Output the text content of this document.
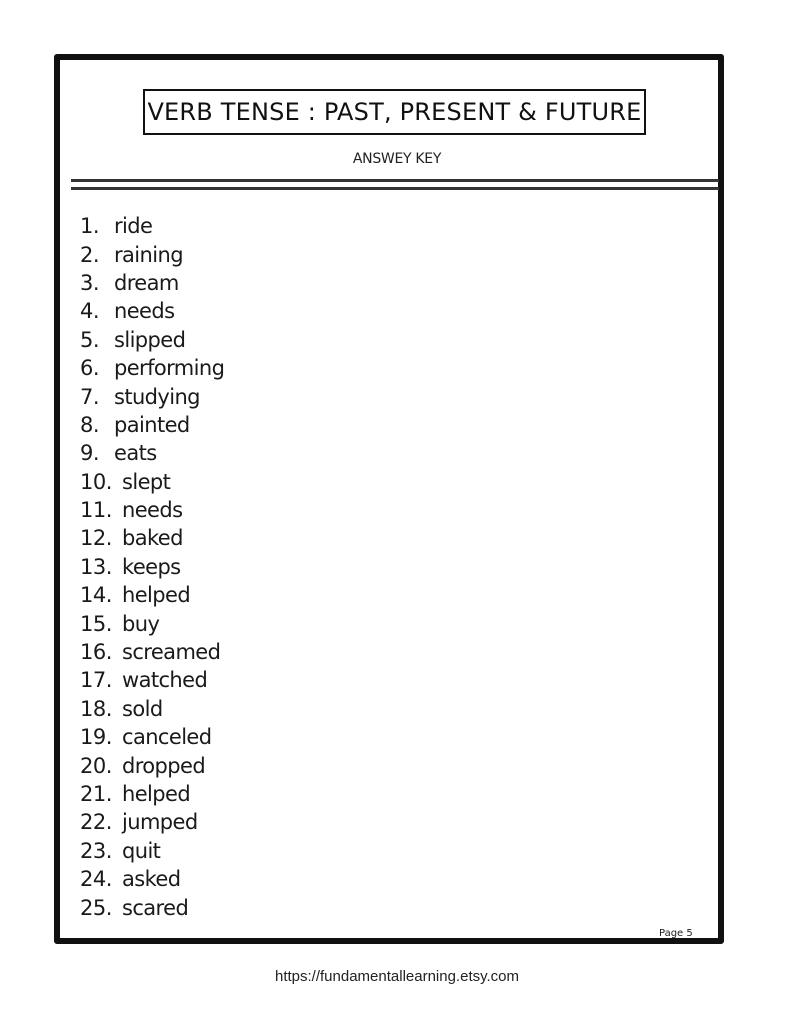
VERB TENSE : PAST, PRESENT & FUTURE
ANSWEY KEY
1. ride
2. raining
3. dream
4. needs
5. slipped
6. performing
7. studying
8. painted
9. eats
10. slept
11. needs
12. baked
13. keeps
14. helped
15. buy
16. screamed
17. watched
18. sold
19. canceled
20. dropped
21. helped
22. jumped
23. quit
24. asked
25. scared
Page 5
https://fundamentallearning.etsy.com
